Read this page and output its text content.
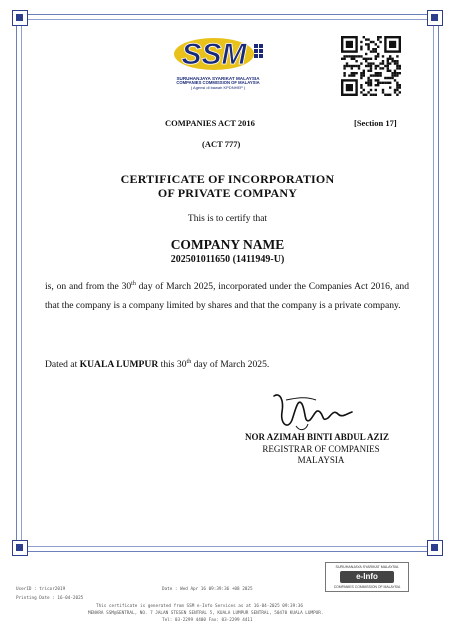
SSM
SURUHANJAYA SYARIKAT MALAYSIA
COMPANIES COMMISSION OF MALAYSIA
( Agensi di bawah KPDNHEP )
COMPANIES ACT 2016	[Section 17]
(ACT 777)
CERTIFICATE OF INCORPORATION
OF PRIVATE COMPANY
This is to certify that
COMPANY NAME
202501011650 (1411949-U)
is, on and from the 30th day of March 2025, incorporated under the Companies Act 2016, and that the company is a company limited by shares and that the company is a private company.
Dated at KUALA LUMPUR this 30th day of March 2025.
NOR AZIMAH BINTI ABDUL AZIZ
REGISTRAR OF COMPANIES
MALAYSIA
SURUHANJAYA SYARIKAT MALAYSIA
e-Info
COMPANIES COMMISSION OF MALAYSIA
UserID : tricor2019	Date : Wed Apr 16 09:39:36 +08 2025
Printing Date : 16-04-2025
This certificate is generated from SSM e-Info Services as at 16-04-2025 09:39:36
MENARA SSM@SENTRAL, NO. 7 JALAN STESEN SENTRAL 5, KUALA LUMPUR SENTRAL, 50470 KUALA LUMPUR.
Tel: 03-2299 4400 Fax: 03-2299 4411
